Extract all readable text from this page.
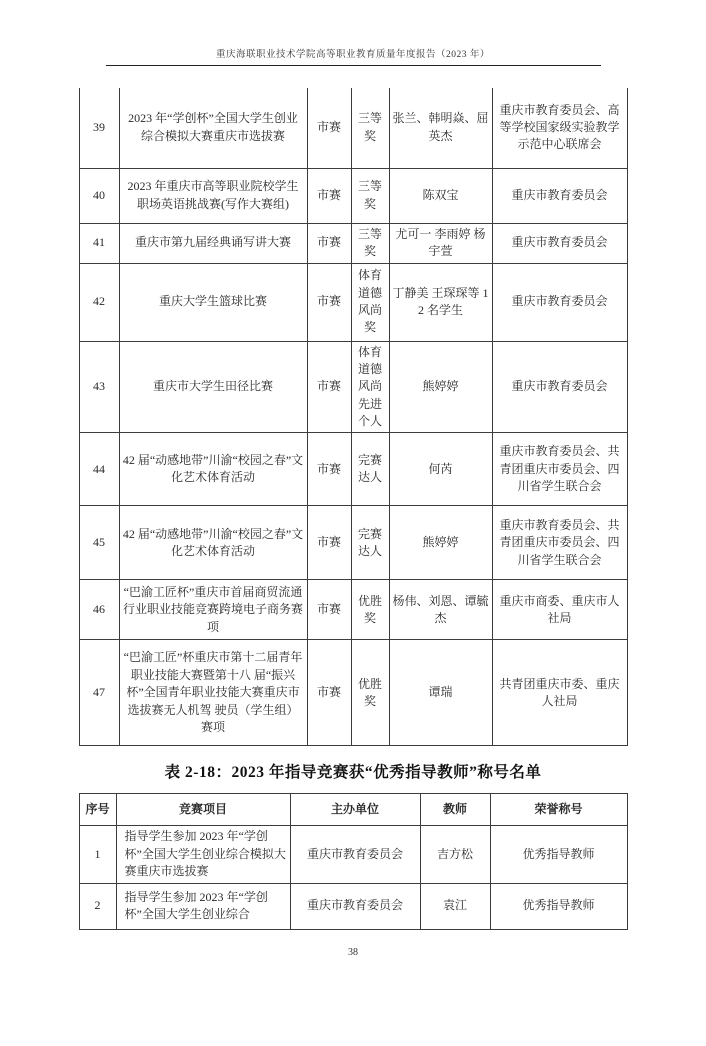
重庆海联职业技术学院高等职业教育质量年度报告（2023 年）
39	2023 年“学创杯”全国大学生创业综合模拟大赛重庆市选拔赛	市赛	三等奖	张兰、韩明焱、屈英杰	重庆市教育委员会、高等学校国家级实验教学示范中心联席会
40	2023 年重庆市高等职业院校学生职场英语挑战赛(写作大赛组)	市赛	三等奖	陈双宝	重庆市教育委员会
41	重庆市第九届经典诵写讲大赛	市赛	三等奖	尤可一 李雨婷 杨宇萱	重庆市教育委员会
42	重庆大学生篮球比赛	市赛	体育道德风尚奖	丁静美 王琛琛等 12 名学生	重庆市教育委员会
43	重庆市大学生田径比赛	市赛	体育道德风尚先进个人	熊婷婷	重庆市教育委员会
44	42 届“动感地带”川渝“校园之春”文化艺术体育活动	市赛	完赛达人	何芮	重庆市教育委员会、共青团重庆市委员会、四川省学生联合会
45	42 届“动感地带”川渝“校园之春”文化艺术体育活动	市赛	完赛达人	熊婷婷	重庆市教育委员会、共青团重庆市委员会、四川省学生联合会
46	“巴渝工匠杯”重庆市首届商贸流通行业职业技能竞赛跨境电子商务赛项	市赛	优胜奖	杨伟、刘恩、谭毓杰	重庆市商委、重庆市人社局
47	“巴渝工匠”杯重庆市第十二届青年职业技能大赛暨第十八 届“振兴杯”全国青年职业技能大赛重庆市选拔赛无人机驾 驶员（学生组）赛项	市赛	优胜奖	谭瑞	共青团重庆市委、重庆人社局
表 2-18：2023 年指导竞赛获“优秀指导教师”称号名单
序号	竞赛项目	主办单位	教师	荣誉称号
1	指导学生参加 2023 年“学创杯”全国大学生创业综合模拟大赛重庆市选拔赛	重庆市教育委员会	吉方松	优秀指导教师
2	指导学生参加 2023 年“学创杯”全国大学生创业综合	重庆市教育委员会	袁江	优秀指导教师
38
